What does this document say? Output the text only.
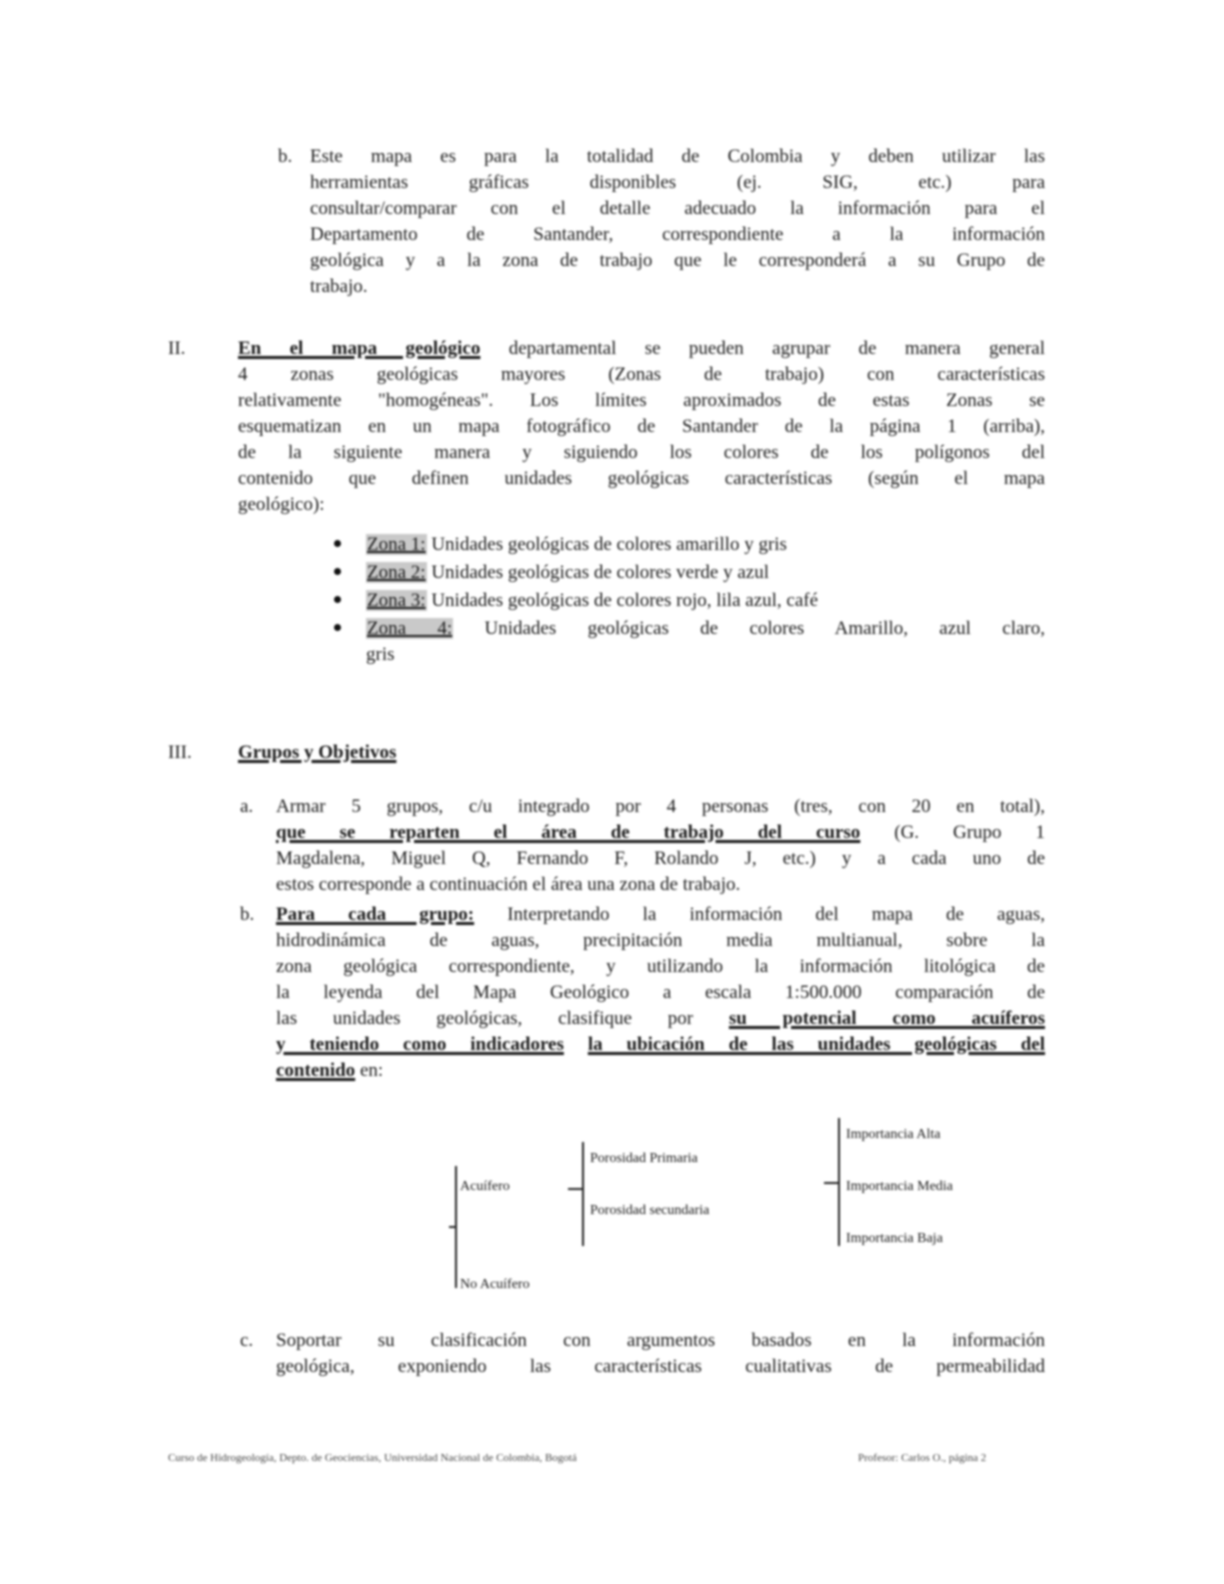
b. Este mapa es para la totalidad de Colombia y deben utilizar las
herramientas gráficas disponibles (ej. SIG, etc.) para
consultar/comparar con el detalle adecuado la información para el
Departamento de Santander, correspondiente a la información
geológica y a la zona de trabajo que le corresponderá a su Grupo de
trabajo.
II.	En el mapa geológico departamental se pueden agrupar de manera general
4 zonas geológicas mayores (Zonas de trabajo) con características
relativamente "homogéneas". Los límites aproximados de estas Zonas se
esquematizan en un mapa fotográfico de Santander de la página 1 (arriba),
de la siguiente manera y siguiendo los colores de los polígonos del
contenido que definen unidades geológicas características (según el mapa
geológico):
Zona 1: Unidades geológicas de colores amarillo y gris
Zona 2: Unidades geológicas de colores verde y azul
Zona 3: Unidades geológicas de colores rojo, lila azul, café
Zona 4: Unidades geológicas de colores Amarillo, azul claro,
gris
III. Grupos y Objetivos
a. Armar 5 grupos, c/u integrado por 4 personas (tres, con 20 en total),
que se reparten el área de trabajo del curso (G. Grupo 1
Magdalena, Miguel Q, Fernando F, Rolando J, etc.) y a cada uno de
estos corresponde a continuación el área una zona de trabajo.
b. Para cada grupo: Interpretando la información del mapa de aguas,
hidrodinámica de aguas, precipitación media multianual, sobre la
zona geológica correspondiente, y utilizando la información litológica de
la leyenda del Mapa Geológico a escala 1:500.000 comparación de
las unidades geológicas, clasifique por su potencial como acuíferos
y teniendo como indicadores la ubicación de las unidades geológicas del
contenido en:
Acuífero
No Acuífero
Porosidad Primaria
Porosidad secundaria
Importancia Alta
Importancia Media
Importancia Baja
c. Soportar su clasificación con argumentos basados en la información
geológica, exponiendo las características cualitativas de permeabilidad
Curso de Hidrogeología, Depto. de Geociencias, Universidad Nacional de Colombia, Bogotá	Profesor: Carlos O., página 2
